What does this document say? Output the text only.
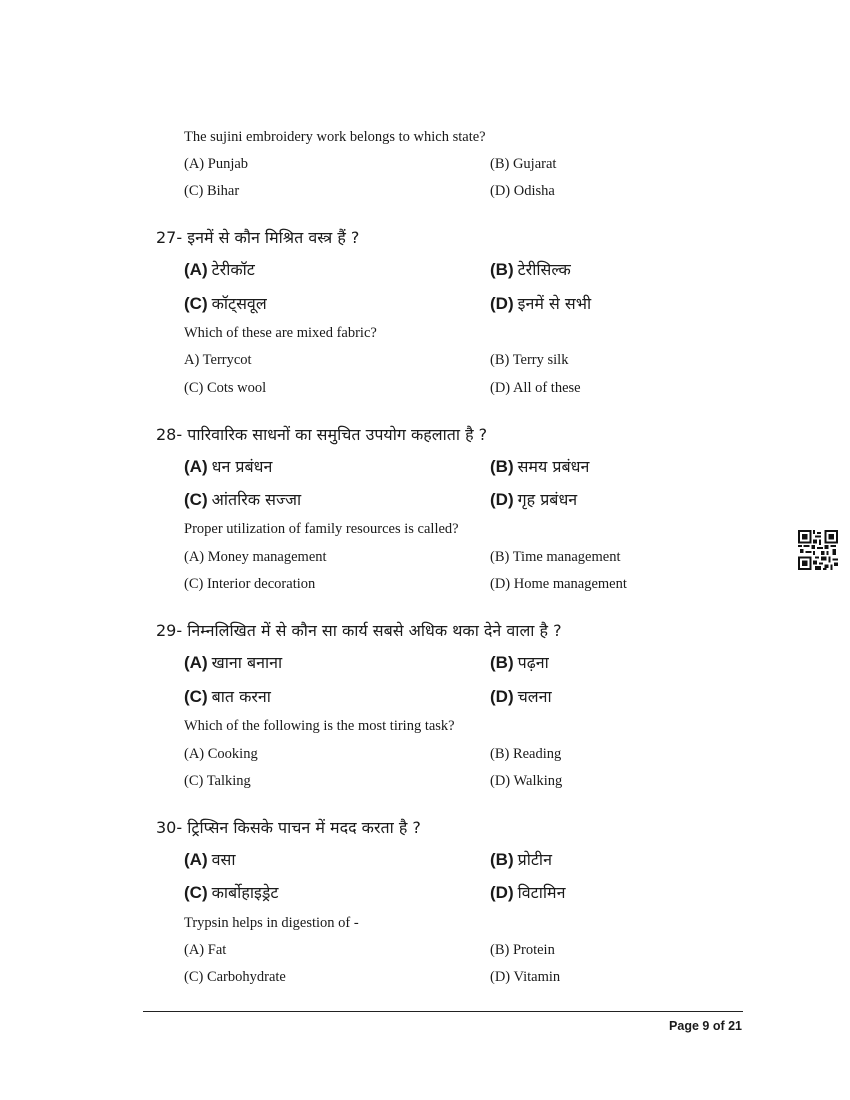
The sujini embroidery work belongs to which state?
(A) Punjab	(B) Gujarat
(C) Bihar	(D) Odisha
27- इनमें से कौन मिश्रित वस्त्र हैं ?
(A) टेरीकॉट	(B) टेरीसिल्क
(C) कॉट्सवूल	(D) इनमें से सभी
Which of these are mixed fabric?
A) Terrycot	(B) Terry silk
(C) Cots wool	(D) All of these
28- पारिवारिक साधनों का समुचित उपयोग कहलाता है ?
(A) धन प्रबंधन	(B) समय प्रबंधन
(C) आंतरिक सज्जा	(D) गृह प्रबंधन
Proper utilization of family resources is called?
(A) Money management	(B) Time management
(C) Interior decoration	(D) Home management
29- निम्नलिखित में से कौन सा कार्य सबसे अधिक थका देने वाला है ?
(A) खाना बनाना	(B) पढ़ना
(C) बात करना	(D) चलना
Which of the following is the most tiring task?
(A) Cooking	(B) Reading
(C) Talking	(D) Walking
30- ट्रिप्सिन किसके पाचन में मदद करता है ?
(A) वसा	(B) प्रोटीन
(C) कार्बोहाइड्रेट	(D) विटामिन
Trypsin helps in digestion of -
(A) Fat	(B) Protein
(C) Carbohydrate	(D) Vitamin
Page 9 of 21
